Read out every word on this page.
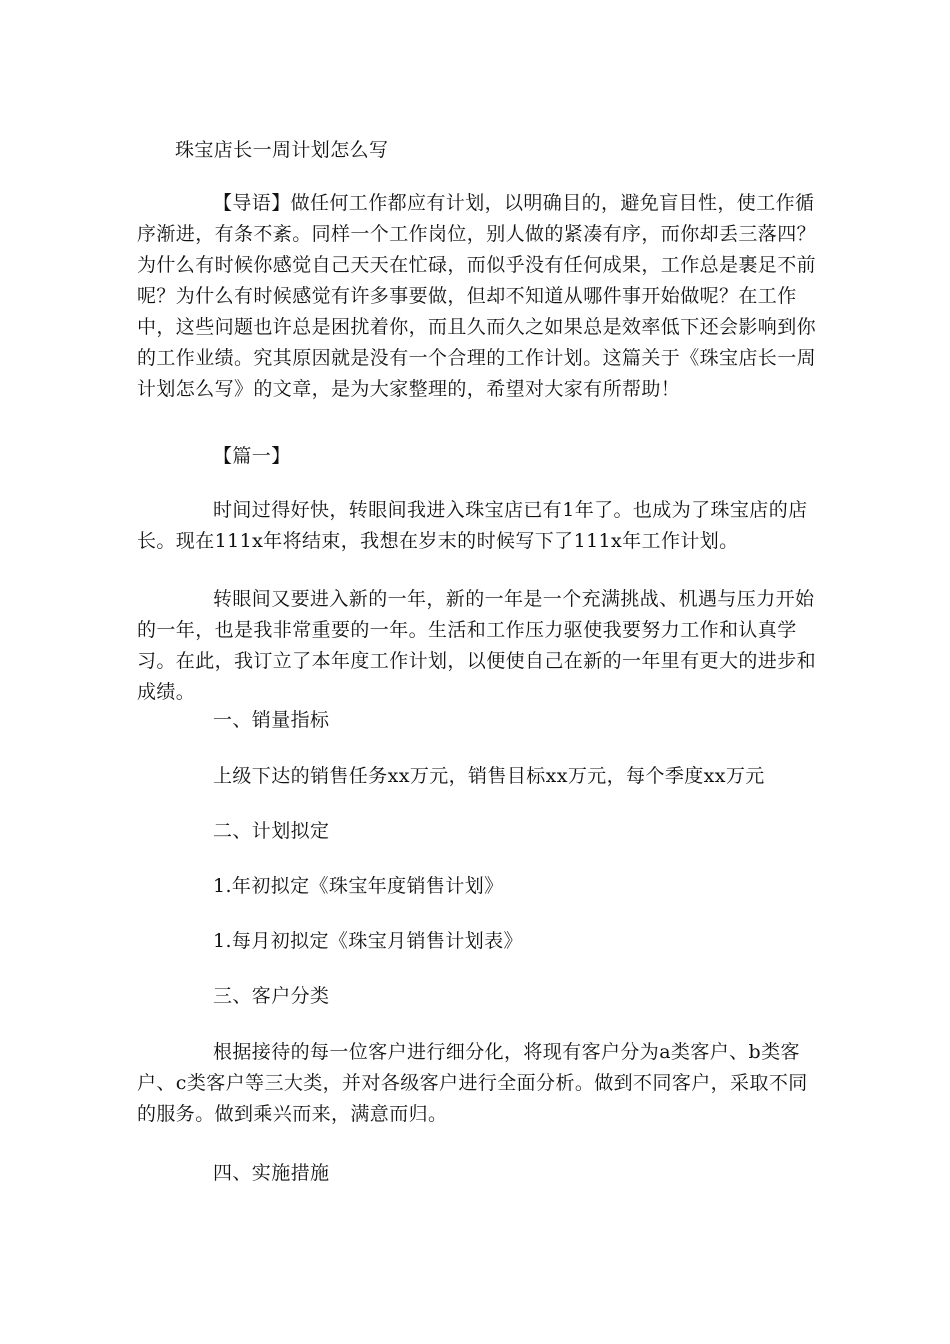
珠宝店长一周计划怎么写

【导语】做任何工作都应有计划，以明确目的，避免盲目性，使工作循序渐进，有条不紊。同样一个工作岗位，别人做的紧凑有序，而你却丢三落四？为什么有时候你感觉自己天天在忙碌，而似乎没有任何成果，工作总是裹足不前呢？为什么有时候感觉有许多事要做，但却不知道从哪件事开始做呢？在工作中，这些问题也许总是困扰着你，而且久而久之如果总是效率低下还会影响到你的工作业绩。究其原因就是没有一个合理的工作计划。这篇关于《珠宝店长一周计划怎么写》的文章，是为大家整理的，希望对大家有所帮助！

【篇一】

时间过得好快，转眼间我进入珠宝店已有1年了。也成为了珠宝店的店长。现在111x年将结束，我想在岁末的时候写下了111x年工作计划。

转眼间又要进入新的一年，新的一年是一个充满挑战、机遇与压力开始的一年，也是我非常重要的一年。生活和工作压力驱使我要努力工作和认真学习。在此，我订立了本年度工作计划，以便使自己在新的一年里有更大的进步和成绩。

一、销量指标

上级下达的销售任务xx万元，销售目标xx万元，每个季度xx万元

二、计划拟定

1.年初拟定《珠宝年度销售计划》

1.每月初拟定《珠宝月销售计划表》

三、客户分类

根据接待的每一位客户进行细分化，将现有客户分为a类客户、b类客户、c类客户等三大类，并对各级客户进行全面分析。做到不同客户，采取不同的服务。做到乘兴而来，满意而归。

四、实施措施
